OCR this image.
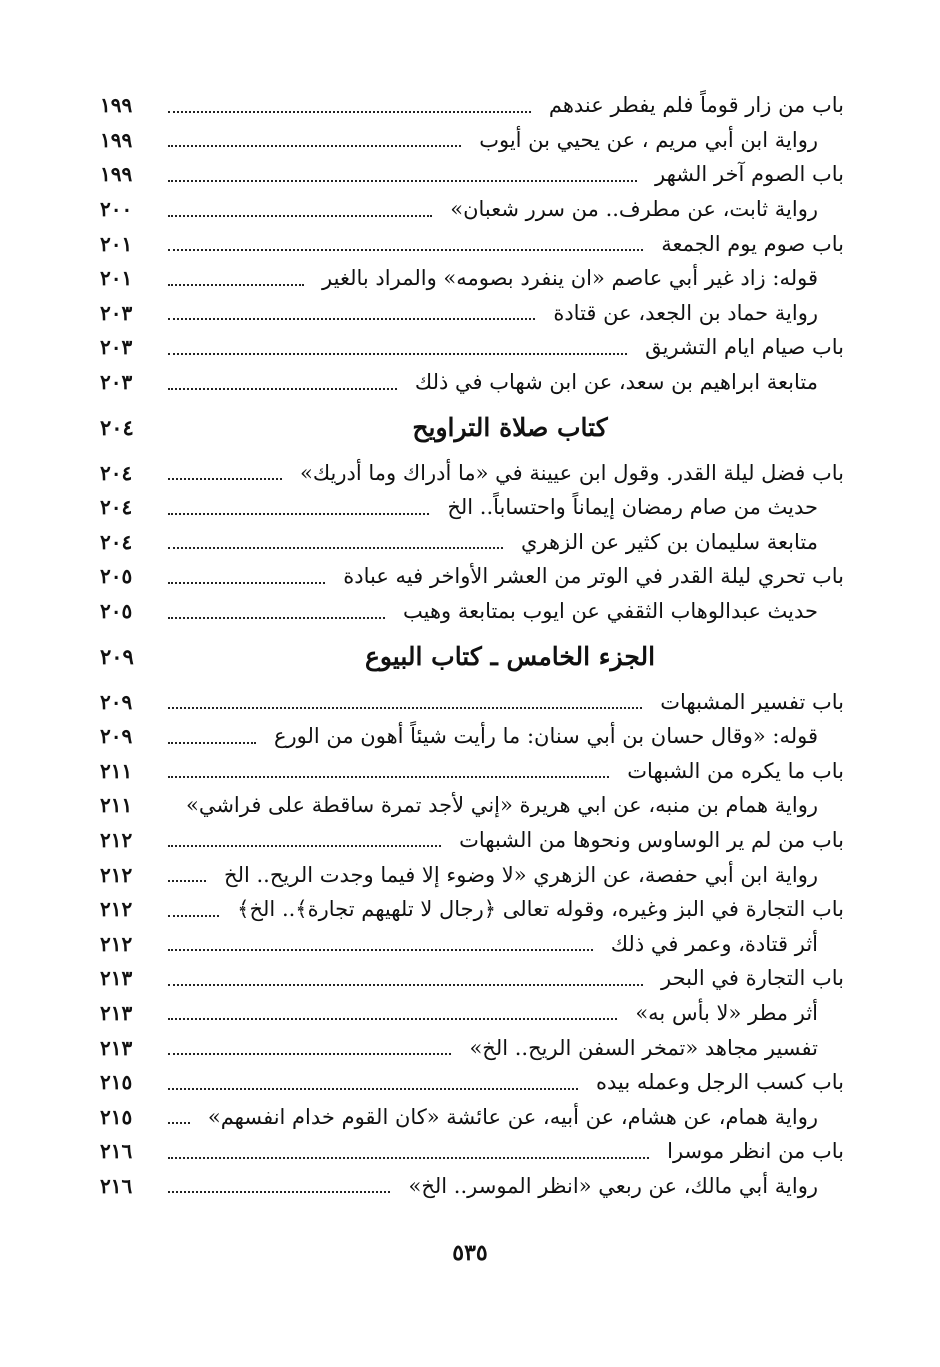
باب من زار قوماً فلم يفطر عندهم
١٩٩
رواية ابن أبي مريم ، عن يحيي بن أيوب
١٩٩
باب الصوم آخر الشهر
١٩٩
رواية ثابت، عن مطرف.. من سرر شعبان»
٢٠٠
باب صوم يوم الجمعة
٢٠١
قوله: زاد غير أبي عاصم «ان ينفرد بصومه» والمراد بالغير
٢٠١
رواية حماد بن الجعد، عن قتادة
٢٠٣
باب صيام ايام التشريق
٢٠٣
متابعة ابراهيم بن سعد، عن ابن شهاب في ذلك
٢٠٣
كتاب صلاة التراويح
٢٠٤
باب فضل ليلة القدر. وقول ابن عيينة في «ما أدراك وما أدريك»
٢٠٤
حديث من صام رمضان إيماناً واحتساباً.. الخ
٢٠٤
متابعة سليمان بن كثير عن الزهري
٢٠٤
باب تحري ليلة القدر في الوتر من العشر الأواخر فيه عبادة
٢٠٥
حديث عبدالوهاب الثقفي عن ايوب بمتابعة وهيب
٢٠٥
الجزء الخامس ـ كتاب البيوع
٢٠٩
باب تفسير المشبهات
٢٠٩
قوله: «وقال حسان بن أبي سنان: ما رأيت شيئاً أهون من الورع
٢٠٩
باب ما يكره من الشبهات
٢١١
رواية همام بن منبه، عن ابي هريرة «إني لأجد تمرة ساقطة على فراشي»
٢١١
باب من لم ير الوساوس ونحوها من الشبهات
٢١٢
رواية ابن أبي حفصة، عن الزهري «لا وضوء إلا فيما وجدت الريح.. الخ
٢١٢
باب التجارة في البز وغيره، وقوله تعالى ﴿رجال لا تلهيهم تجارة﴾.. الخ﴾
٢١٢
أثر قتادة، وعمر في ذلك
٢١٢
باب التجارة في البحر
٢١٣
أثر مطر «لا بأس به»
٢١٣
تفسير مجاهد «تمخر السفن الريح.. الخ»
٢١٣
باب كسب الرجل وعمله بيده
٢١٥
رواية همام، عن هشام، عن أبيه، عن عائشة «كان القوم خدام انفسهم»
٢١٥
باب من انظر موسرا
٢١٦
رواية أبي مالك، عن ربعي «انظر الموسر.. الخ»
٢١٦
٥٣٥
